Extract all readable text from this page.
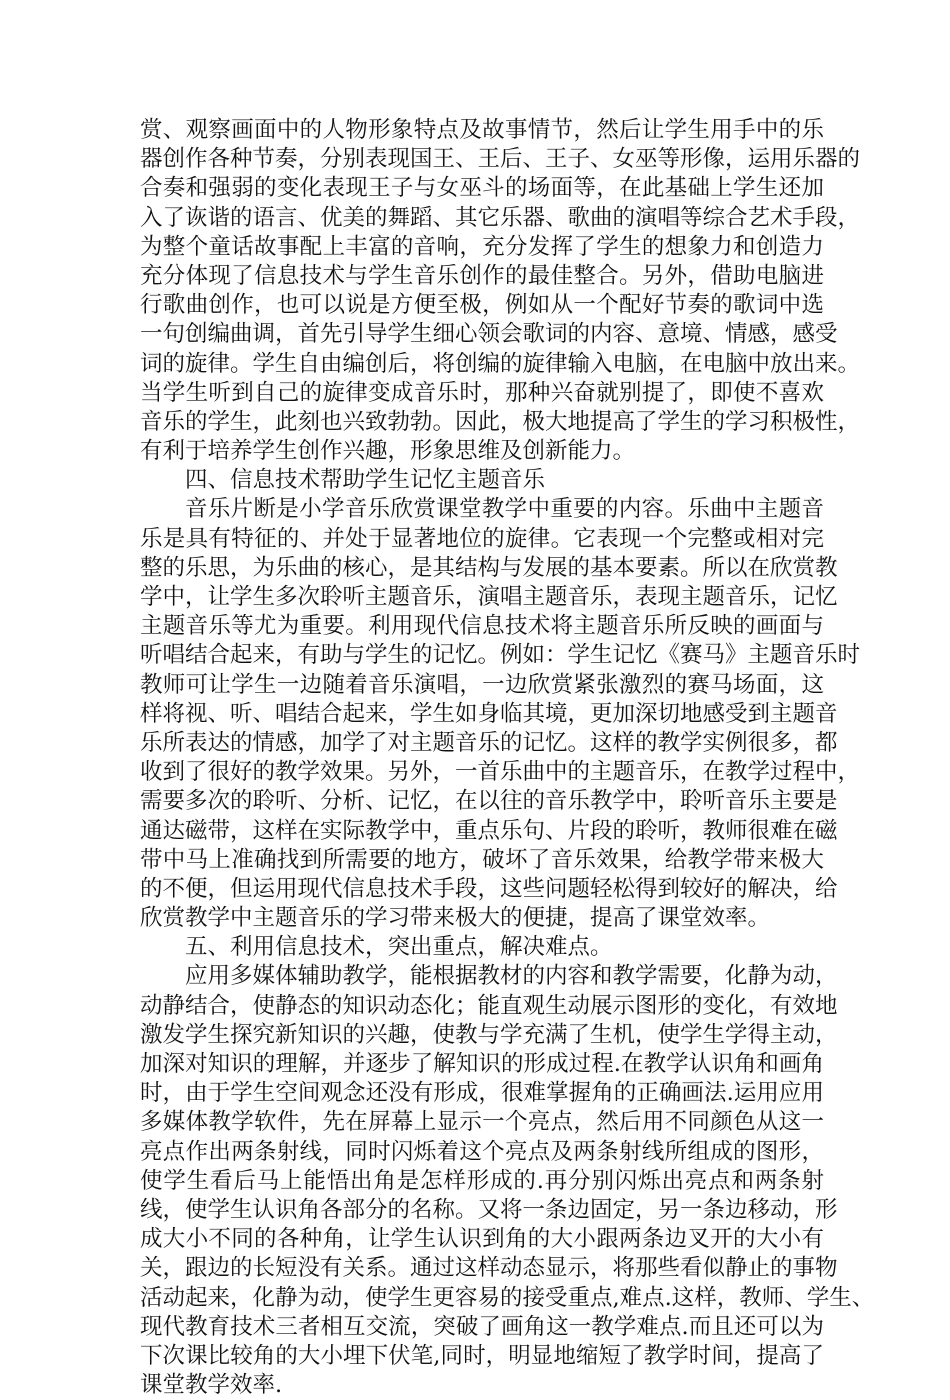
赏、观察画面中的人物形象特点及故事情节，然后让学生用手中的乐
器创作各种节奏，分别表现国王、王后、王子、女巫等形像，运用乐器的
合奏和强弱的变化表现王子与女巫斗的场面等，在此基础上学生还加
入了诙谐的语言、优美的舞蹈、其它乐器、歌曲的演唱等综合艺术手段，
为整个童话故事配上丰富的音响，充分发挥了学生的想象力和创造力
充分体现了信息技术与学生音乐创作的最佳整合。另外，借助电脑进
行歌曲创作，也可以说是方便至极，例如从一个配好节奏的歌词中选
一句创编曲调，首先引导学生细心领会歌词的内容、意境、情感，感受
词的旋律。学生自由编创后，将创编的旋律输入电脑，在电脑中放出来。
当学生听到自己的旋律变成音乐时，那种兴奋就别提了，即使不喜欢
音乐的学生，此刻也兴致勃勃。因此，极大地提高了学生的学习积极性，
有利于培养学生创作兴趣，形象思维及创新能力。
四、信息技术帮助学生记忆主题音乐
音乐片断是小学音乐欣赏课堂教学中重要的内容。乐曲中主题音
乐是具有特征的、并处于显著地位的旋律。它表现一个完整或相对完
整的乐思，为乐曲的核心，是其结构与发展的基本要素。所以在欣赏教
学中，让学生多次聆听主题音乐，演唱主题音乐，表现主题音乐，记忆
主题音乐等尤为重要。利用现代信息技术将主题音乐所反映的画面与
听唱结合起来，有助与学生的记忆。例如：学生记忆《赛马》主题音乐时
教师可让学生一边随着音乐演唱，一边欣赏紧张激烈的赛马场面，这
样将视、听、唱结合起来，学生如身临其境，更加深切地感受到主题音
乐所表达的情感，加学了对主题音乐的记忆。这样的教学实例很多，都
收到了很好的教学效果。另外，一首乐曲中的主题音乐，在教学过程中，
需要多次的聆听、分析、记忆，在以往的音乐教学中，聆听音乐主要是
通达磁带，这样在实际教学中，重点乐句、片段的聆听，教师很难在磁
带中马上准确找到所需要的地方，破坏了音乐效果，给教学带来极大
的不便，但运用现代信息技术手段，这些问题轻松得到较好的解决，给
欣赏教学中主题音乐的学习带来极大的便捷，提高了课堂效率。
五、利用信息技术，突出重点，解决难点。
应用多媒体辅助教学，能根据教材的内容和教学需要，化静为动，
动静结合，使静态的知识动态化；能直观生动展示图形的变化，有效地
激发学生探究新知识的兴趣，使教与学充满了生机，使学生学得主动，
加深对知识的理解，并逐步了解知识的形成过程.在教学认识角和画角
时，由于学生空间观念还没有形成，很难掌握角的正确画法.运用应用
多媒体教学软件，先在屏幕上显示一个亮点，然后用不同颜色从这一
亮点作出两条射线，同时闪烁着这个亮点及两条射线所组成的图形，
使学生看后马上能悟出角是怎样形成的.再分别闪烁出亮点和两条射
线，使学生认识角各部分的名称。又将一条边固定，另一条边移动，形
成大小不同的各种角，让学生认识到角的大小跟两条边叉开的大小有
关，跟边的长短没有关系。通过这样动态显示，将那些看似静止的事物
活动起来，化静为动，使学生更容易的接受重点,难点.这样，教师、学生、
现代教育技术三者相互交流，突破了画角这一教学难点.而且还可以为
下次课比较角的大小埋下伏笔,同时，明显地缩短了教学时间，提高了
课堂教学效率.
